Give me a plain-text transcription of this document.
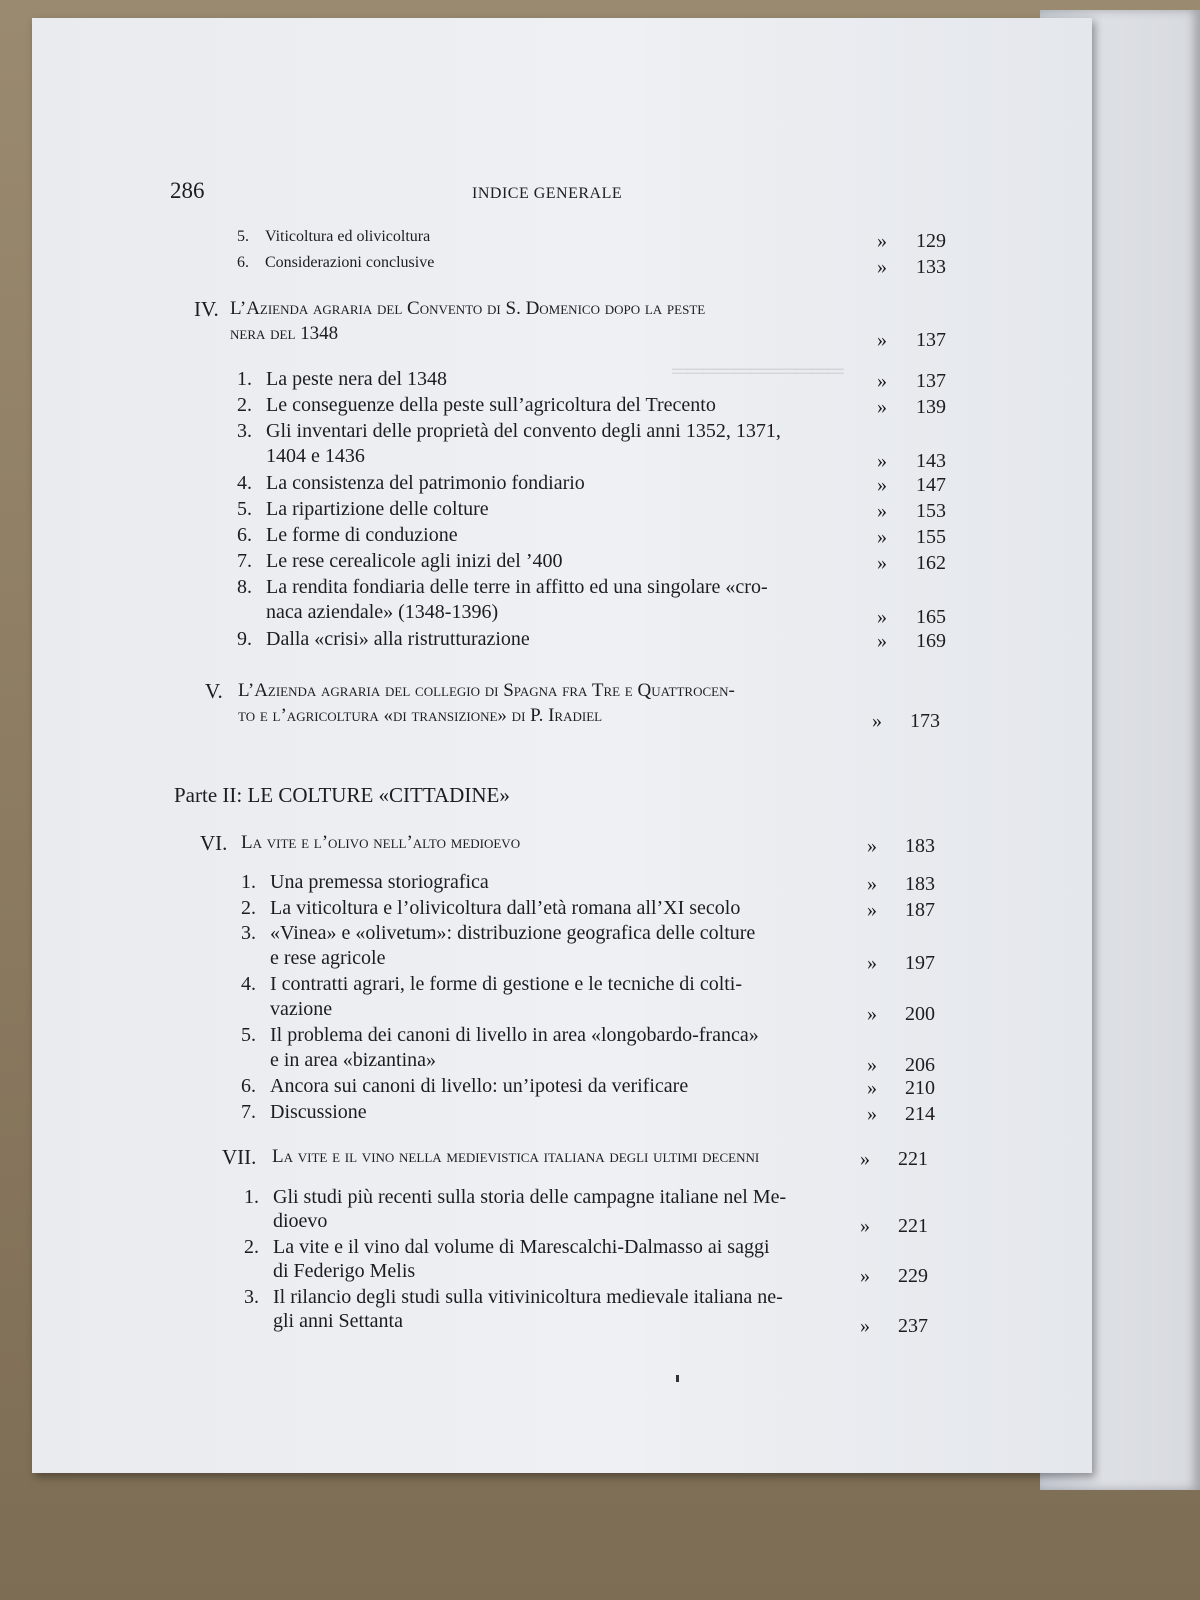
═══════════
286	INDICE GENERALE
5. Viticoltura ed olivicoltura	»	129
6. Considerazioni conclusive	»	133
IV. L’Azienda agraria del Convento di S. Domenico dopo la peste
nera del 1348	»	137
1. La peste nera del 1348	»	137
2. Le conseguenze della peste sull’agricoltura del Trecento	»	139
3. Gli inventari delle proprietà del convento degli anni 1352, 1371,
1404 e 1436	»	143
4. La consistenza del patrimonio fondiario	»	147
5. La ripartizione delle colture	»	153
6. Le forme di conduzione	»	155
7. Le rese cerealicole agli inizi del ’400	»	162
8. La rendita fondiaria delle terre in affitto ed una singolare «cro-
naca aziendale» (1348-1396)	»	165
9. Dalla «crisi» alla ristrutturazione	»	169
V. L’Azienda agraria del collegio di Spagna fra Tre e Quattrocen-
to e l’agricoltura «di transizione» di P. Iradiel	»	173
Parte II: LE COLTURE «CITTADINE»
VI. La vite e l’olivo nell’alto medioevo	»	183
1. Una premessa storiografica	»	183
2. La viticoltura e l’olivicoltura dall’età romana all’XI secolo	»	187
3. «Vinea» e «olivetum»: distribuzione geografica delle colture
e rese agricole	»	197
4. I contratti agrari, le forme di gestione e le tecniche di colti-
vazione	»	200
5. Il problema dei canoni di livello in area «longobardo-franca»
e in area «bizantina»	»	206
6. Ancora sui canoni di livello: un’ipotesi da verificare	»	210
7. Discussione	»	214
VII. La vite e il vino nella medievistica italiana degli ultimi decenni	»	221
1. Gli studi più recenti sulla storia delle campagne italiane nel Me-
dioevo	»	221
2. La vite e il vino dal volume di Marescalchi-Dalmasso ai saggi
di Federigo Melis	»	229
3. Il rilancio degli studi sulla vitivinicoltura medievale italiana ne-
gli anni Settanta	»	237
